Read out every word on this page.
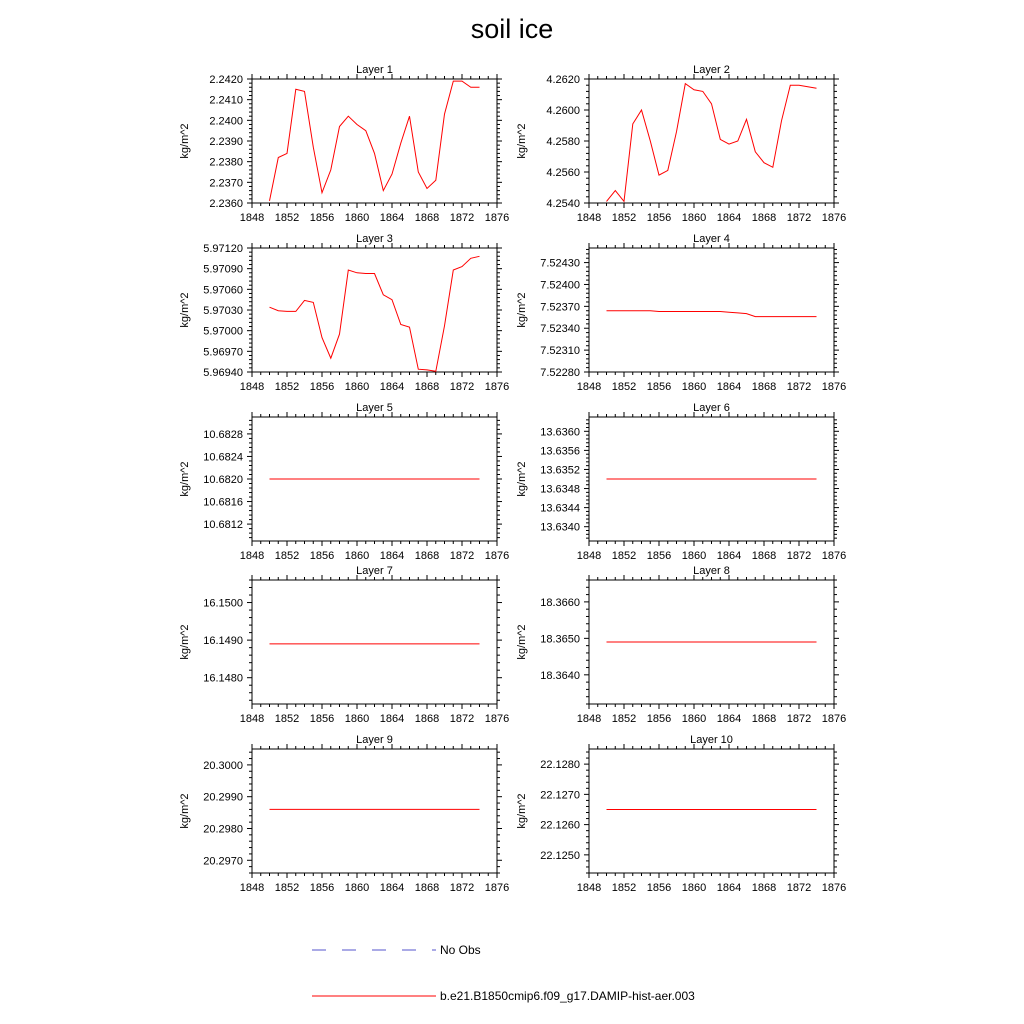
soil ice
Layer 1
kg/m^2
1848 1852 1856 1860 1864 1868 1872 1876
2.2360
2.2370
2.2380
2.2390
2.2400
2.2410
2.2420
Layer 2
kg/m^2
1848 1852 1856 1860 1864 1868 1872 1876
4.2540
4.2560
4.2580
4.2600
4.2620
Layer 3
kg/m^2
1848 1852 1856 1860 1864 1868 1872 1876
5.96940
5.96970
5.97000
5.97030
5.97060
5.97090
5.97120
Layer 4
kg/m^2
1848 1852 1856 1860 1864 1868 1872 1876
7.52280
7.52310
7.52340
7.52370
7.52400
7.52430
Layer 5
kg/m^2
1848 1852 1856 1860 1864 1868 1872 1876
10.6812
10.6816
10.6820
10.6824
10.6828
Layer 6
kg/m^2
1848 1852 1856 1860 1864 1868 1872 1876
13.6340
13.6344
13.6348
13.6352
13.6356
13.6360
Layer 7
kg/m^2
1848 1852 1856 1860 1864 1868 1872 1876
16.1480
16.1490
16.1500
Layer 8
kg/m^2
1848 1852 1856 1860 1864 1868 1872 1876
18.3640
18.3650
18.3660
Layer 9
kg/m^2
1848 1852 1856 1860 1864 1868 1872 1876
20.2970
20.2980
20.2990
20.3000
Layer 10
kg/m^2
1848 1852 1856 1860 1864 1868 1872 1876
22.1250
22.1260
22.1270
22.1280
No Obs
b.e21.B1850cmip6.f09_g17.DAMIP-hist-aer.003
